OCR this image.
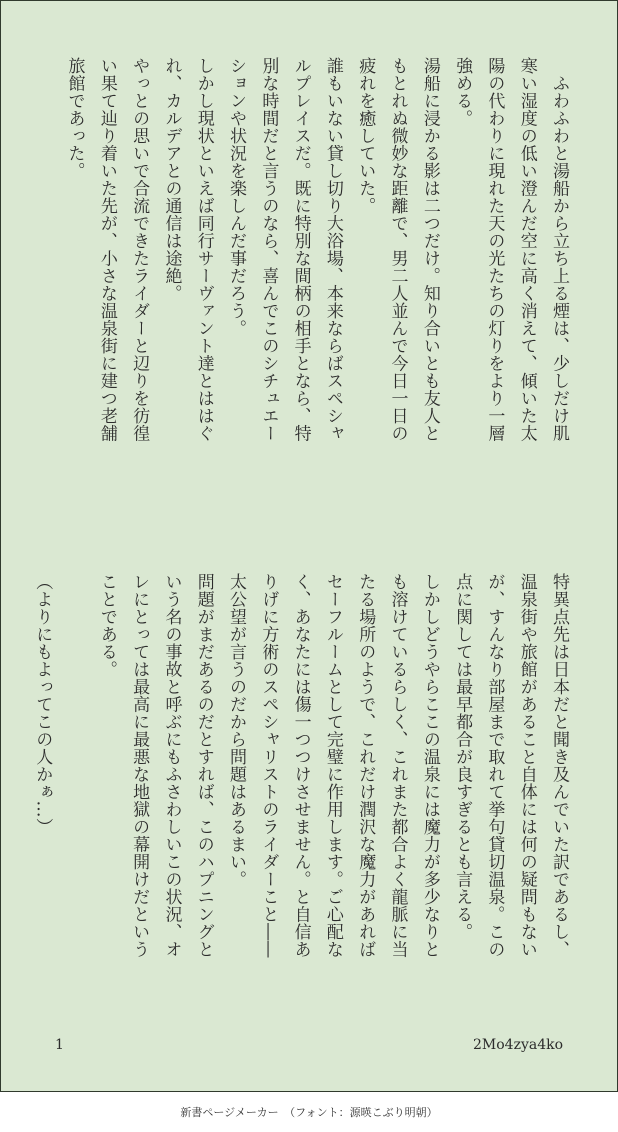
　ふわふわと湯船から立ち上る煙は、少しだけ肌
寒い湿度の低い澄んだ空に高く消えて、傾いた太
陽の代わりに現れた天の光たちの灯りをより一層
強める。
湯船に浸かる影は二つだけ。知り合いとも友人と
もとれぬ微妙な距離で、男二人並んで今日一日の
疲れを癒していた。
誰もいない貸し切り大浴場、本来ならばスペシャ
ルプレイスだ。既に特別な間柄の相手となら、特
別な時間だと言うのなら、喜んでこのシチュエー
ションや状況を楽しんだ事だろう。
しかし現状といえば同行サーヴァント達とははぐ
れ、カルデアとの通信は途絶。
やっとの思いで合流できたライダーと辺りを彷徨
い果て辿り着いた先が、小さな温泉街に建つ老舗
旅館であった。
特異点先は日本だと聞き及んでいた訳であるし、
温泉街や旅館があること自体には何の疑問もない
が、すんなり部屋まで取れて挙句貸切温泉。この
点に関しては最早都合が良すぎるとも言える。
しかしどうやらここの温泉には魔力が多少なりと
も溶けているらしく、これまた都合よく龍脈に当
たる場所のようで、これだけ潤沢な魔力があれば
セーフルームとして完璧に作用します。ご心配な
く、あなたには傷一つつけさせません。と自信あ
りげに方術のスペシャリストのライダーこと――
太公望が言うのだから問題はあるまい。
問題がまだあるのだとすれば、このハプニングと
いう名の事故と呼ぶにもふさわしいこの状況、オ
レにとっては最高に最悪な地獄の幕開けだという
ことである。

（よりにもよってこの人かぁ…）
1	2Mo4zya4ko
新書ページメーカー　（フォント：源暎こぶり明朝）
